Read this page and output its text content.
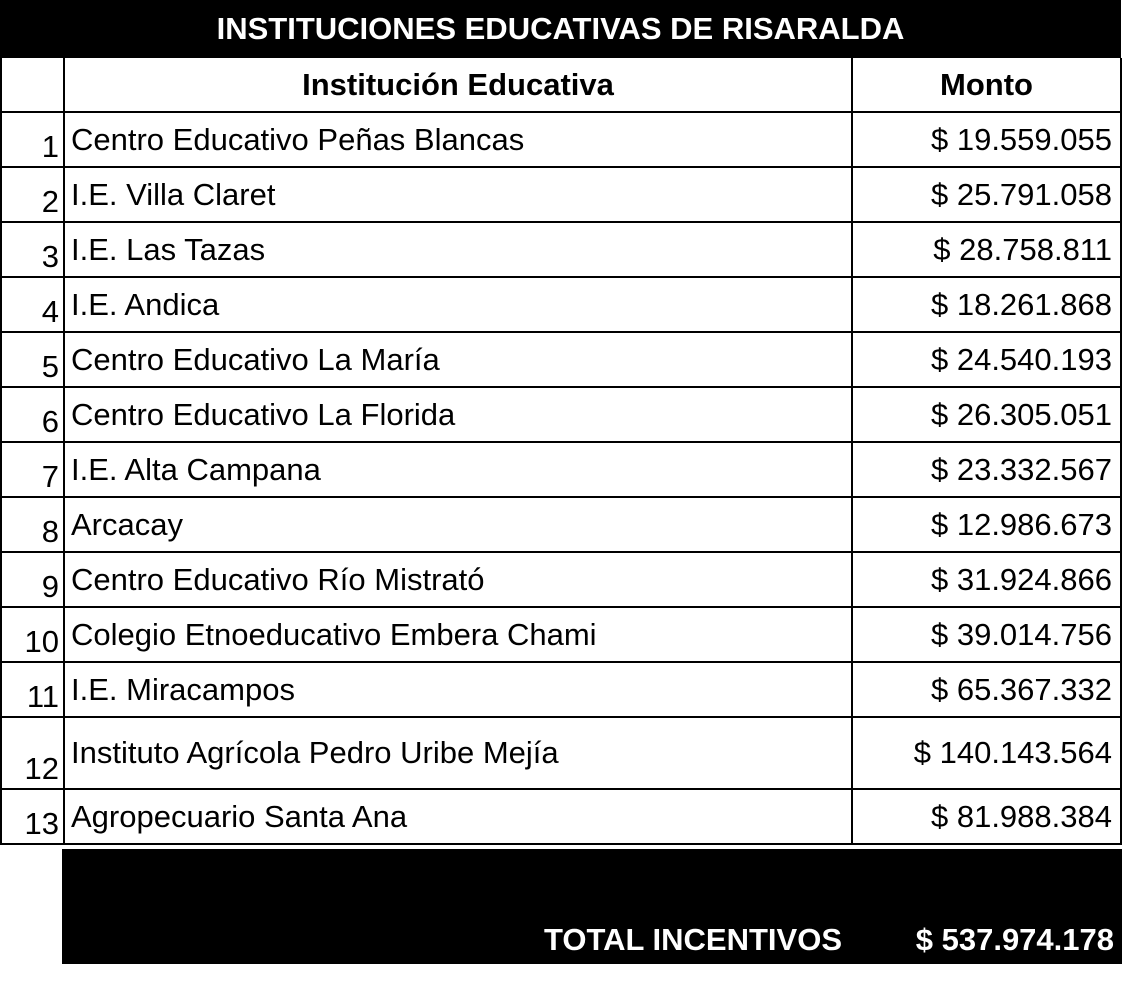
INSTITUCIONES EDUCATIVAS DE RISARALDA
Institución Educativa	Monto
1 Centro Educativo Peñas Blancas	$ 19.559.055
2 I.E. Villa Claret	$ 25.791.058
3 I.E. Las Tazas	$ 28.758.811
4 I.E. Andica	$ 18.261.868
5 Centro Educativo La María	$ 24.540.193
6 Centro Educativo La Florida	$ 26.305.051
7 I.E. Alta Campana	$ 23.332.567
8 Arcacay	$ 12.986.673
9 Centro Educativo Río Mistrató	$ 31.924.866
10 Colegio Etnoeducativo Embera Chami	$ 39.014.756
11 I.E. Miracampos	$ 65.367.332
12 Instituto Agrícola Pedro Uribe Mejía	$ 140.143.564
13 Agropecuario Santa Ana	$ 81.988.384
TOTAL INCENTIVOS $ 537.974.178
